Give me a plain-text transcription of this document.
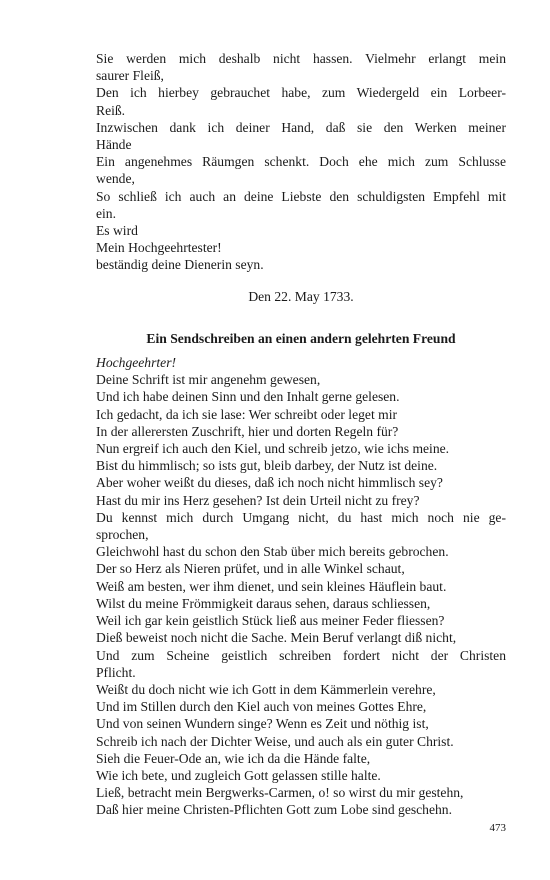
Sie werden mich deshalb nicht hassen. Vielmehr erlangt mein
saurer Fleiß,
Den ich hierbey gebrauchet habe, zum Wiedergeld ein Lorbeer-
Reiß.
Inzwischen dank ich deiner Hand, daß sie den Werken meiner
Hände
Ein angenehmes Räumgen schenkt. Doch ehe mich zum Schlusse
wende,
So schließ ich auch an deine Liebste den schuldigsten Empfehl mit
ein.
Es wird
Mein Hochgeehrtester!
beständig deine Dienerin seyn.
Den 22. May 1733.
Ein Sendschreiben an einen andern gelehrten Freund
Hochgeehrter!
Deine Schrift ist mir angenehm gewesen,
Und ich habe deinen Sinn und den Inhalt gerne gelesen.
Ich gedacht, da ich sie lase: Wer schreibt oder leget mir
In der allerersten Zuschrift, hier und dorten Regeln für?
Nun ergreif ich auch den Kiel, und schreib jetzo, wie ichs meine.
Bist du himmlisch; so ists gut, bleib darbey, der Nutz ist deine.
Aber woher weißt du dieses, daß ich noch nicht himmlisch sey?
Hast du mir ins Herz gesehen? Ist dein Urteil nicht zu frey?
Du kennst mich durch Umgang nicht, du hast mich noch nie ge-
sprochen,
Gleichwohl hast du schon den Stab über mich bereits gebrochen.
Der so Herz als Nieren prüfet, und in alle Winkel schaut,
Weiß am besten, wer ihm dienet, und sein kleines Häuflein baut.
Wilst du meine Frömmigkeit daraus sehen, daraus schliessen,
Weil ich gar kein geistlich Stück ließ aus meiner Feder fliessen?
Dieß beweist noch nicht die Sache. Mein Beruf verlangt diß nicht,
Und zum Scheine geistlich schreiben fordert nicht der Christen
Pflicht.
Weißt du doch nicht wie ich Gott in dem Kämmerlein verehre,
Und im Stillen durch den Kiel auch von meines Gottes Ehre,
Und von seinen Wundern singe? Wenn es Zeit und nöthig ist,
Schreib ich nach der Dichter Weise, und auch als ein guter Christ.
Sieh die Feuer-Ode an, wie ich da die Hände falte,
Wie ich bete, und zugleich Gott gelassen stille halte.
Ließ, betracht mein Bergwerks-Carmen, o! so wirst du mir gestehn,
Daß hier meine Christen-Pflichten Gott zum Lobe sind geschehn.
473
